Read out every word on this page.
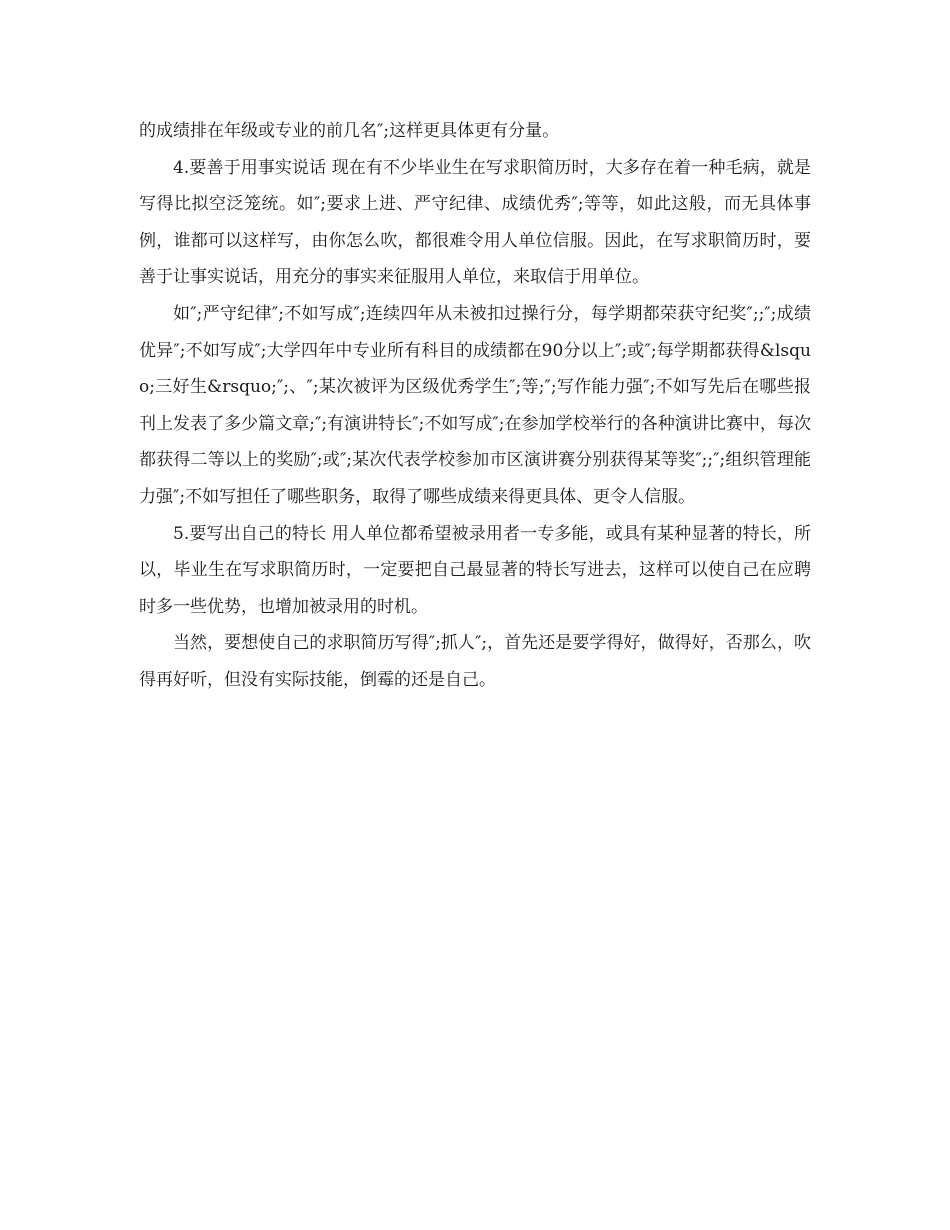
的成绩排在年级或专业的前几名″;这样更具体更有分量。

4.要善于用事实说话 现在有不少毕业生在写求职简历时，大多存在着一种毛病，就是写得比拟空泛笼统。如″;要求上进、严守纪律、成绩优秀″;等等，如此这般，而无具体事例，谁都可以这样写，由你怎么吹，都很难令用人单位信服。因此，在写求职简历时，要善于让事实说话，用充分的事实来征服用人单位，来取信于用单位。

如″;严守纪律″;不如写成″;连续四年从未被扣过操行分，每学期都荣获守纪奖″;;″;成绩优异″;不如写成″;大学四年中专业所有科目的成绩都在90分以上″;或″;每学期都获得&lsquo;三好生&rsquo;″;、″;某次被评为区级优秀学生″;等;″;写作能力强″;不如写先后在哪些报刊上发表了多少篇文章;″;有演讲特长″;不如写成″;在参加学校举行的各种演讲比赛中，每次都获得二等以上的奖励″;或″;某次代表学校参加市区演讲赛分别获得某等奖″;;″;组织管理能力强″;不如写担任了哪些职务，取得了哪些成绩来得更具体、更令人信服。

5.要写出自己的特长 用人单位都希望被录用者一专多能，或具有某种显著的特长，所以，毕业生在写求职简历时，一定要把自己最显著的特长写进去，这样可以使自己在应聘时多一些优势，也增加被录用的时机。

当然，要想使自己的求职简历写得″;抓人″;，首先还是要学得好，做得好，否那么，吹得再好听，但没有实际技能，倒霉的还是自己。
